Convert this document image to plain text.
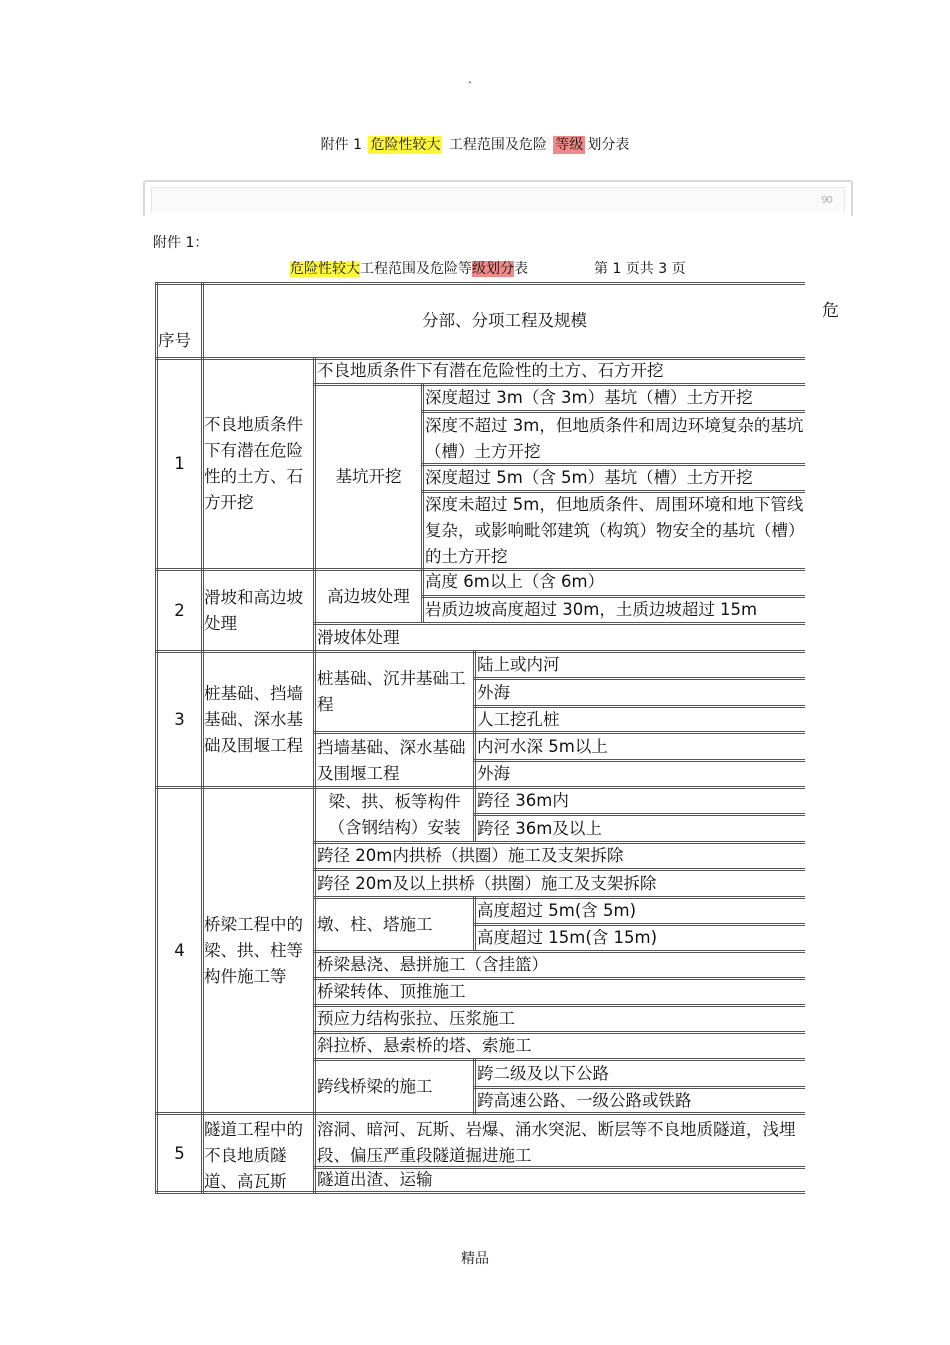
.
附件 1 危险性较大 工程范围及危险 等级 划分表
90
附件 1：
危险性较大工程范围及危险等级划分表	第 1 页共 3 页
危
序号
分部、分项工程及规模
1
不良地质条件下有潜在危险性的土方、石方开挖
不良地质条件下有潜在危险性的土方、石方开挖
基坑开挖
深度超过 3m（含 3m）基坑（槽）土方开挖
深度不超过 3m，但地质条件和周边环境复杂的基坑（槽）土方开挖
深度超过 5m（含 5m）基坑（槽）土方开挖
深度未超过 5m，但地质条件、周围环境和地下管线复杂，或影响毗邻建筑（构筑）物安全的基坑（槽）的土方开挖
2
滑坡和高边坡处理
高边坡处理
高度 6m以上（含 6m）
岩质边坡高度超过 30m，土质边坡超过 15m
滑坡体处理
3
桩基础、挡墙基础、深水基础及围堰工程
桩基础、沉井基础工程
陆上或内河
外海
人工挖孔桩
挡墙基础、深水基础及围堰工程
内河水深 5m以上
外海
4
桥梁工程中的梁、拱、柱等构件施工等
梁、拱、板等构件（含钢结构）安装
跨径 36m内
跨径 36m及以上
跨径 20m内拱桥（拱圈）施工及支架拆除
跨径 20m及以上拱桥（拱圈）施工及支架拆除
墩、柱、塔施工
高度超过 5m(含 5m)
高度超过 15m(含 15m)
桥梁悬浇、悬拼施工（含挂篮）
桥梁转体、顶推施工
预应力结构张拉、压浆施工
斜拉桥、悬索桥的塔、索施工
跨线桥梁的施工
跨二级及以下公路
跨高速公路、一级公路或铁路
5
隧道工程中的不良地质隧道、高瓦斯
溶洞、暗河、瓦斯、岩爆、涌水突泥、断层等不良地质隧道，浅埋段、偏压严重段隧道掘进施工
隧道出渣、运输
精品
